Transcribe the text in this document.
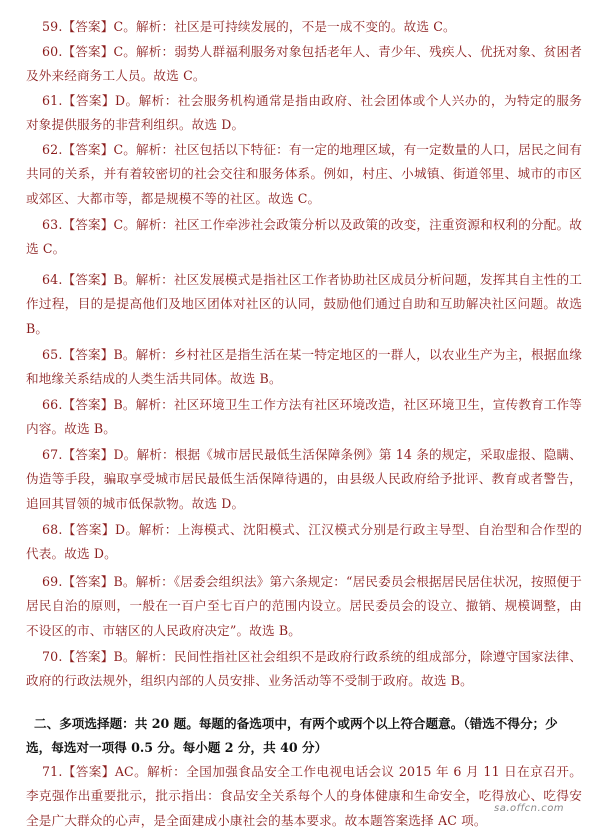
59.【答案】C。解析：社区是可持续发展的，不是一成不变的。故选 C。

60.【答案】C。解析：弱势人群福利服务对象包括老年人、青少年、残疾人、优抚对象、贫困者及外来经商务工人员。故选 C。

61.【答案】D。解析：社会服务机构通常是指由政府、社会团体或个人兴办的，为特定的服务对象提供服务的非营利组织。故选 D。

62.【答案】C。解析：社区包括以下特征：有一定的地理区域，有一定数量的人口，居民之间有共同的关系，并有着较密切的社会交往和服务体系。例如，村庄、小城镇、街道邻里、城市的市区或郊区、大都市等，都是规模不等的社区。故选 C。

63.【答案】C。解析：社区工作牵涉社会政策分析以及政策的改变，注重资源和权利的分配。故选 C。

64.【答案】B。解析：社区发展模式是指社区工作者协助社区成员分析问题，发挥其自主性的工作过程，目的是提高他们及地区团体对社区的认同，鼓励他们通过自助和互助解决社区问题。故选 B。

65.【答案】B。解析：乡村社区是指生活在某一特定地区的一群人，以农业生产为主，根据血缘和地缘关系结成的人类生活共同体。故选 B。

66.【答案】B。解析：社区环境卫生工作方法有社区环境改造，社区环境卫生，宣传教育工作等内容。故选 B。

67.【答案】D。解析：根据《城市居民最低生活保障条例》第 14 条的规定，采取虚报、隐瞒、伪造等手段，骗取享受城市居民最低生活保障待遇的，由县级人民政府给予批评、教育或者警告，追回其冒领的城市低保款物。故选 D。

68.【答案】D。解析：上海模式、沈阳模式、江汉模式分别是行政主导型、自治型和合作型的代表。故选 D。

69.【答案】B。解析：《居委会组织法》第六条规定：“居民委员会根据居民居住状况，按照便于居民自治的原则，一般在一百户至七百户的范围内设立。居民委员会的设立、撤销、规模调整，由不设区的市、市辖区的人民政府决定”。故选 B。

70.【答案】B。解析：民间性指社区社会组织不是政府行政系统的组成部分，除遵守国家法律、政府的行政法规外，组织内部的人员安排、业务活动等不受制于政府。故选 B。

二、多项选择题：共 20 题。每题的备选项中，有两个或两个以上符合题意。（错选不得分；少选，每选对一项得 0.5 分。每小题 2 分，共 40 分）

71.【答案】AC。解析：全国加强食品安全工作电视电话会议 2015 年 6 月 11 日在京召开。李克强作出重要批示，批示指出：食品安全关系每个人的身体健康和生命安全，吃得放心、吃得安全是广大群众的心声，是全面建成小康社会的基本要求。故本题答案选择 AC 项。

sa.offcn.com
